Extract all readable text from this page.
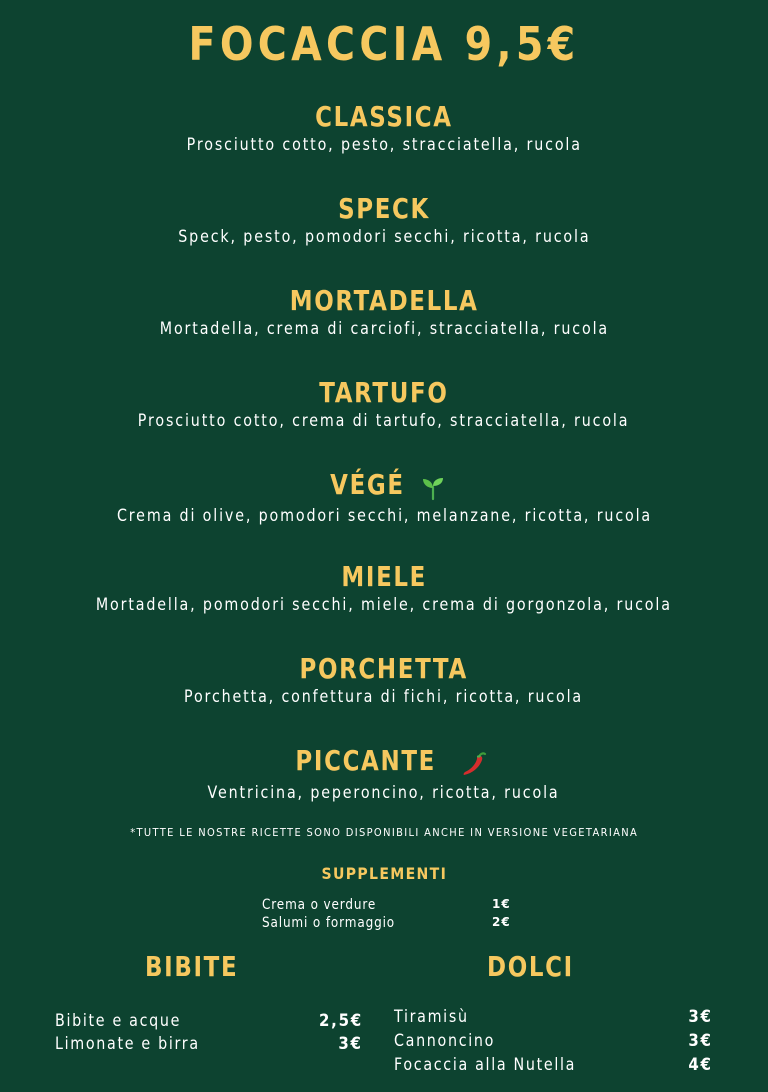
FOCACCIA 9,5€
CLASSICA
Prosciutto cotto, pesto, stracciatella, rucola
SPECK
Speck, pesto, pomodori secchi, ricotta, rucola
MORTADELLA
Mortadella, crema di carciofi, stracciatella, rucola
TARTUFO
Prosciutto cotto, crema di tartufo, stracciatella, rucola
VÉGÉ
Crema di olive, pomodori secchi, melanzane, ricotta, rucola
MIELE
Mortadella, pomodori secchi, miele, crema di gorgonzola, rucola
PORCHETTA
Porchetta, confettura di fichi, ricotta, rucola
PICCANTE
Ventricina, peperoncino, ricotta, rucola
*TUTTE LE NOSTRE RICETTE SONO DISPONIBILI ANCHE IN VERSIONE VEGETARIANA
SUPPLEMENTI
Crema o verdure	1€
Salumi o formaggio	2€
BIBITE	DOLCI
Bibite e acque	2,5€
Limonate e birra	3€
Tiramisù	3€
Cannoncino	3€
Focaccia alla Nutella	4€
